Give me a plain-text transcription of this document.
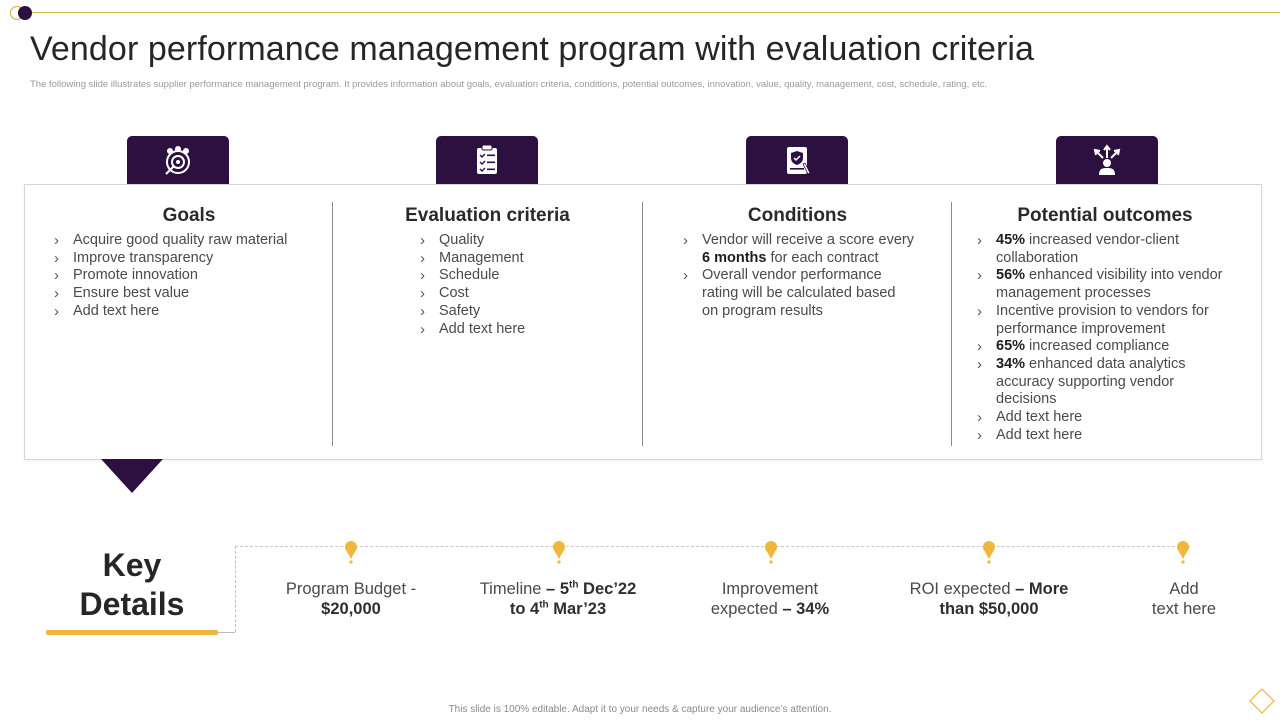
Vendor performance management program with evaluation criteria

The following slide illustrates supplier performance management program. It provides information about goals, evaluation criteria, conditions, potential outcomes, innovation, value, quality, management, cost, schedule, rating, etc.

Goals
› Acquire good quality raw material
› Improve transparency
› Promote innovation
› Ensure best value
› Add text here
Evaluation criteria
› Quality
› Management
› Schedule
› Cost
› Safety
› Add text here
Conditions
› Vendor will receive a score every 6 months for each contract
› Overall vendor performance rating will be calculated based on program results
Potential outcomes
› 45% increased vendor-client collaboration
› 56% enhanced visibility into vendor management processes
› Incentive provision to vendors for performance improvement
› 65% increased compliance
› 34% enhanced data analytics accuracy supporting vendor decisions
› Add text here
› Add text here
Key
Details	Program Budget -
$20,000
Timeline – 5th Dec’22
to 4th Mar’23
Improvement
expected – 34%
ROI expected – More
than $50,000
Add
text here
This slide is 100% editable. Adapt it to your needs & capture your audience’s attention.
